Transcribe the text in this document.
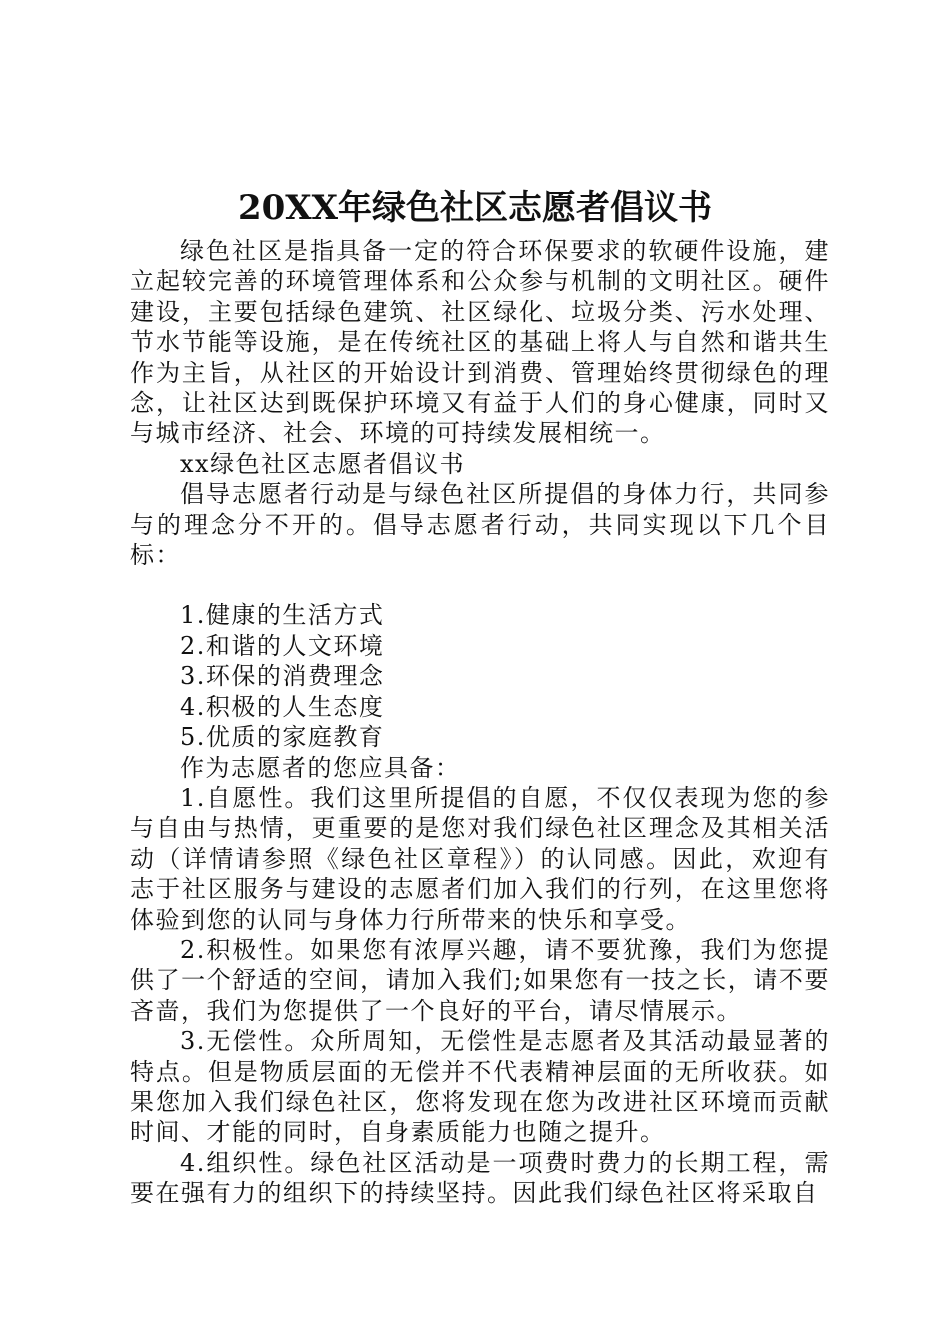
20XX年绿色社区志愿者倡议书

绿色社区是指具备一定的符合环保要求的软硬件设施，建立起较完善的环境管理体系和公众参与机制的文明社区。硬件建设，主要包括绿色建筑、社区绿化、垃圾分类、污水处理、节水节能等设施，是在传统社区的基础上将人与自然和谐共生作为主旨，从社区的开始设计到消费、管理始终贯彻绿色的理念，让社区达到既保护环境又有益于人们的身心健康，同时又与城市经济、社会、环境的可持续发展相统一。

xx绿色社区志愿者倡议书

倡导志愿者行动是与绿色社区所提倡的身体力行，共同参与的理念分不开的。倡导志愿者行动，共同实现以下几个目标：

1.健康的生活方式

2.和谐的人文环境

3.环保的消费理念

4.积极的人生态度

5.优质的家庭教育

作为志愿者的您应具备：

1.自愿性。我们这里所提倡的自愿，不仅仅表现为您的参与自由与热情，更重要的是您对我们绿色社区理念及其相关活动（详情请参照《绿色社区章程》）的认同感。因此，欢迎有志于社区服务与建设的志愿者们加入我们的行列，在这里您将体验到您的认同与身体力行所带来的快乐和享受。

2.积极性。如果您有浓厚兴趣，请不要犹豫，我们为您提供了一个舒适的空间，请加入我们;如果您有一技之长，请不要吝啬，我们为您提供了一个良好的平台，请尽情展示。

3.无偿性。众所周知，无偿性是志愿者及其活动最显著的特点。但是物质层面的无偿并不代表精神层面的无所收获。如果您加入我们绿色社区，您将发现在您为改进社区环境而贡献时间、才能的同时，自身素质能力也随之提升。

4.组织性。绿色社区活动是一项费时费力的长期工程，需要在强有力的组织下的持续坚持。因此我们绿色社区将采取自
